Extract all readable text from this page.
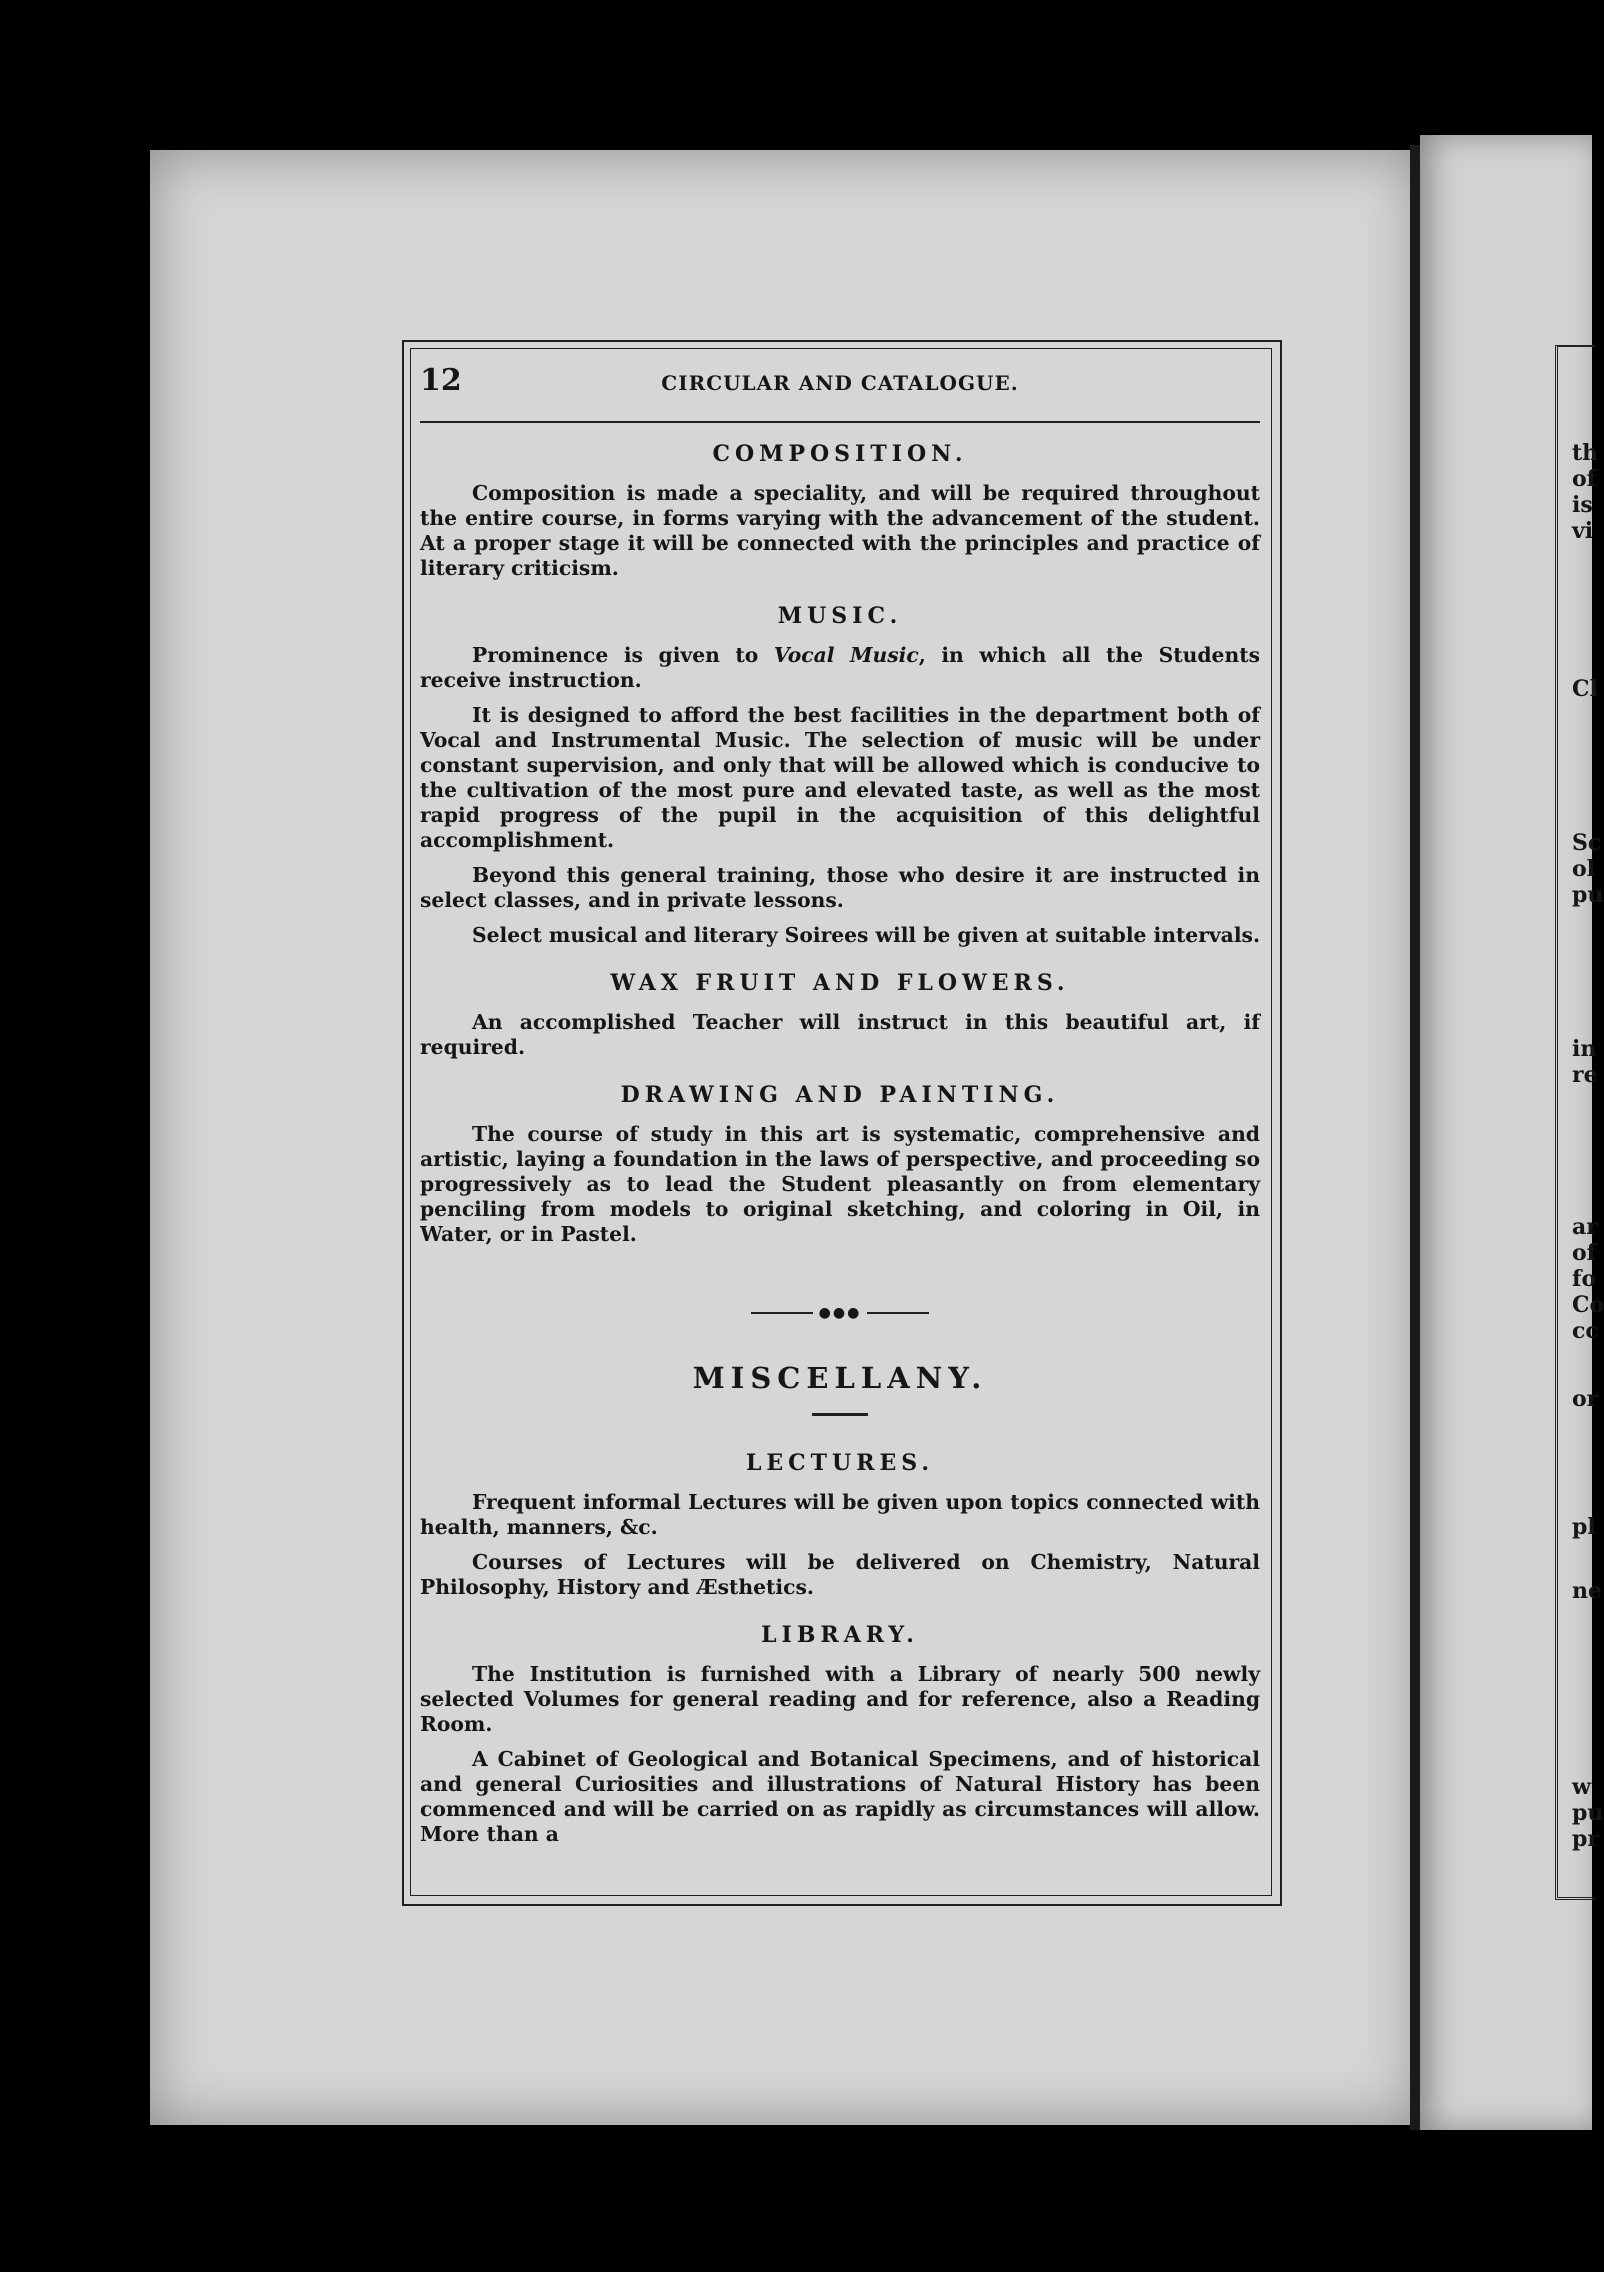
th
of
is
vi
Cl
Sc
ol
pu
in
re
ar
of
fo
Co
cc
or
pl
ne
w
pu
pr
12	CIRCULAR AND CATALOGUE.
COMPOSITION.

Composition is made a speciality, and will be required throughout the entire course, in forms varying with the advancement of the student. At a proper stage it will be connected with the principles and practice of literary criticism.

MUSIC.

Prominence is given to Vocal Music, in which all the Students receive instruction.

It is designed to afford the best facilities in the department both of Vocal and Instrumental Music. The selection of music will be under constant supervision, and only that will be allowed which is conducive to the cultivation of the most pure and elevated taste, as well as the most rapid progress of the pupil in the acquisition of this delightful accomplishment.

Beyond this general training, those who desire it are instructed in select classes, and in private lessons.

Select musical and literary Soirees will be given at suitable intervals.

WAX FRUIT AND FLOWERS.

An accomplished Teacher will instruct in this beautiful art, if required.

DRAWING AND PAINTING.

The course of study in this art is systematic, comprehensive and artistic, laying a foundation in the laws of perspective, and proceeding so progressively as to lead the Student pleasantly on from elementary penciling from models to original sketching, and coloring in Oil, in Water, or in Pastel.

●●●
MISCELLANY.
LECTURES.

Frequent informal Lectures will be given upon topics connected with health, manners, &c.

Courses of Lectures will be delivered on Chemistry, Natural Philosophy, History and Æsthetics.

LIBRARY.

The Institution is furnished with a Library of nearly 500 newly selected Volumes for general reading and for reference, also a Reading Room.

A Cabinet of Geological and Botanical Specimens, and of historical and general Curiosities and illustrations of Natural History has been commenced and will be carried on as rapidly as circumstances will allow. More than a
